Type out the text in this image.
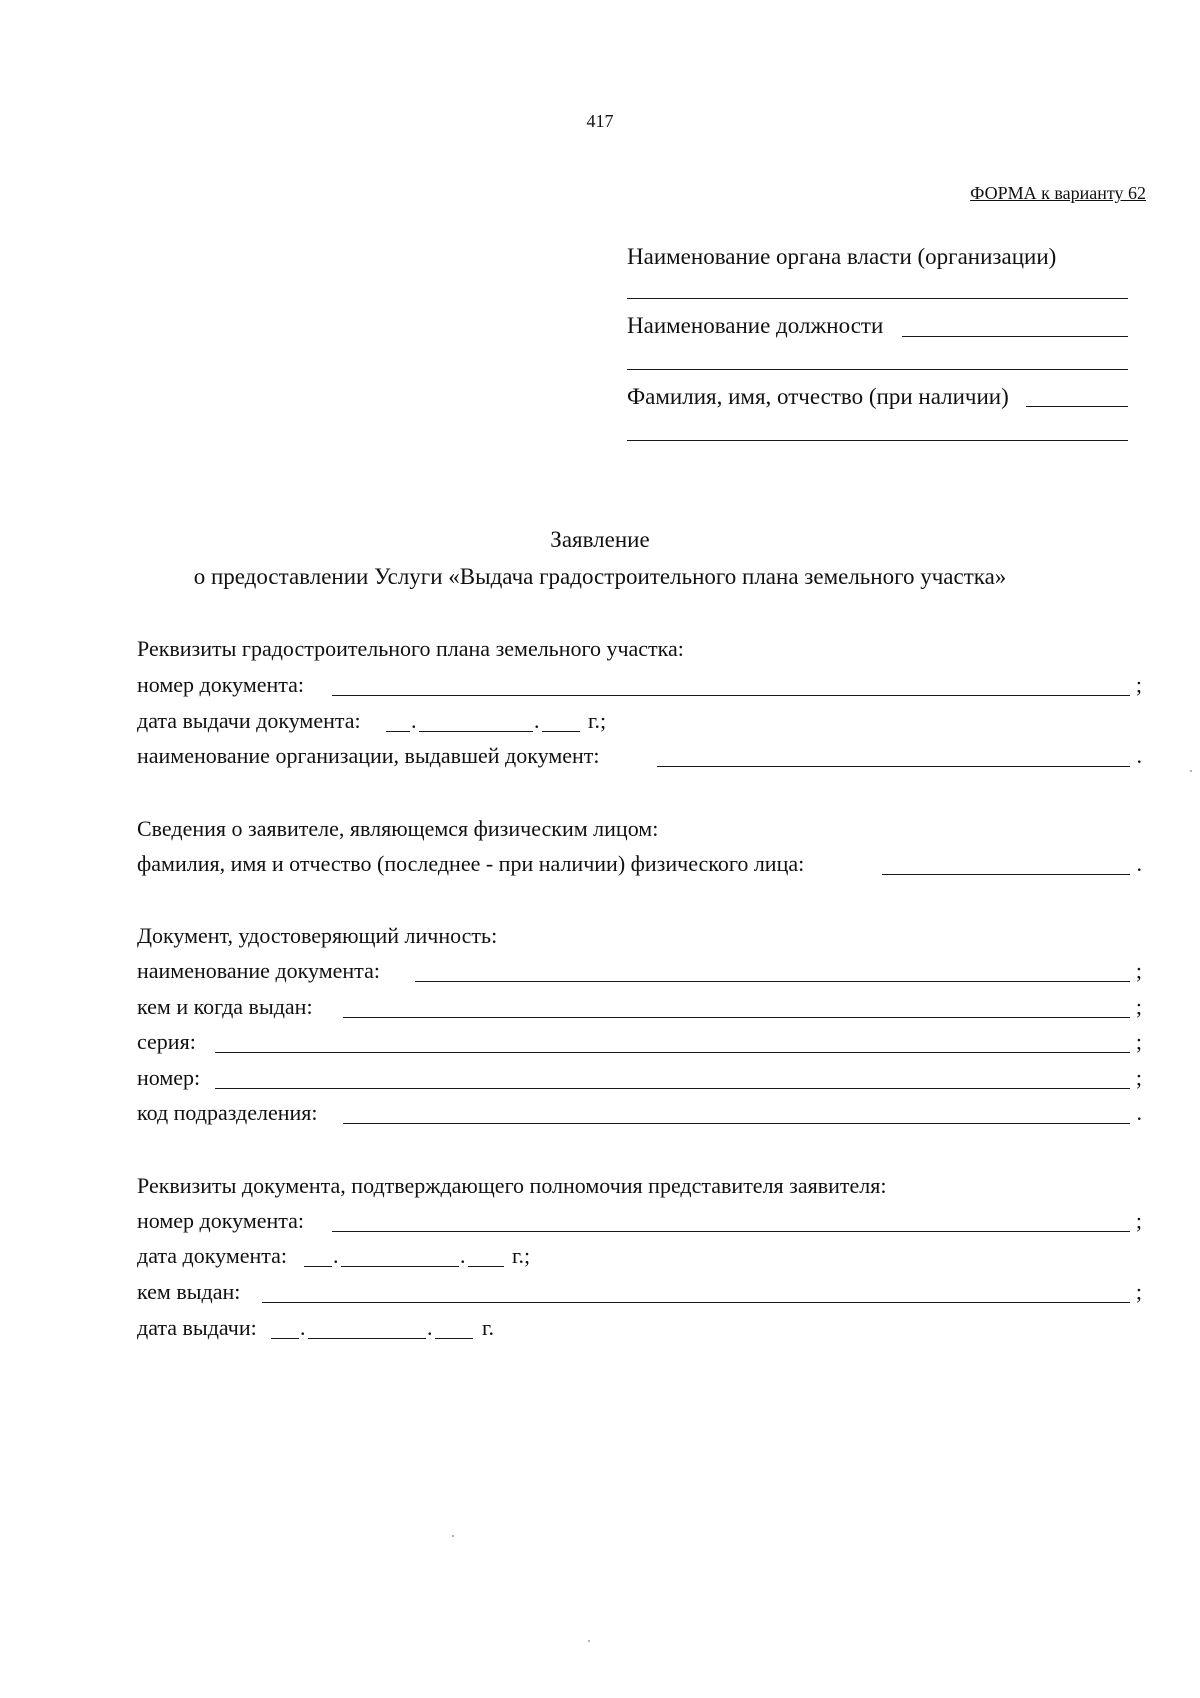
417
ФОРМА к варианту 62
Наименование органа власти (организации)
Наименование должности
Фамилия, имя, отчество (при наличии)
Заявление
о предоставлении Услуги «Выдача градостроительного плана земельного участка»
Реквизиты градостроительного плана земельного участка:
номер документа:	;
дата выдачи документа: .	. г.;
наименование организации, выдавшей документ:	.
Сведения о заявителе, являющемся физическим лицом:
фамилия, имя и отчество (последнее - при наличии) физического лица:	.
Документ, удостоверяющий личность:
наименование документа:	;
кем и когда выдан:	;
серия:	;
номер:	;
код подразделения:	.
Реквизиты документа, подтверждающего полномочия представителя заявителя:
номер документа:	;
дата документа: .	. г.;
кем выдан:	;
дата выдачи: .	. г.
